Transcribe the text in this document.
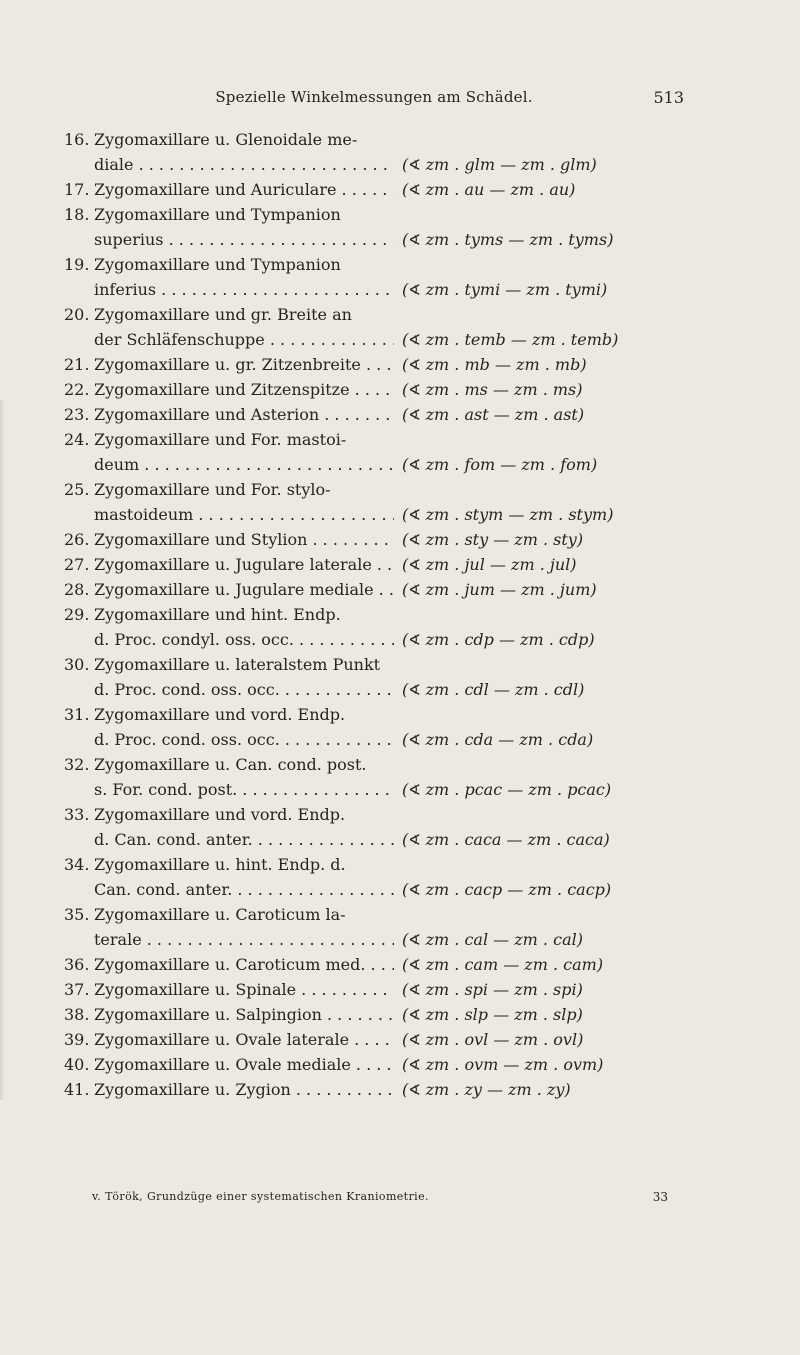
Spezielle Winkelmessungen am Schädel.	513
16. Zygomaxillare u. Glenoidale me-
diale . . .	(∢ zm . glm — zm . glm)
17. Zygomaxillare und Auriculare . . .	(∢ zm . au — zm . au)
18. Zygomaxillare und Tympanion
superius . . .	(∢ zm . tyms — zm . tyms)
19. Zygomaxillare und Tympanion
inferius . . .	(∢ zm . tymi — zm . tymi)
20. Zygomaxillare und gr. Breite an
der Schläfenschuppe . . .	(∢ zm . temb — zm . temb)
21. Zygomaxillare u. gr. Zitzenbreite . . .	(∢ zm . mb — zm . mb)
22. Zygomaxillare und Zitzenspitze . . .	(∢ zm . ms — zm . ms)
23. Zygomaxillare und Asterion . . .	(∢ zm . ast — zm . ast)
24. Zygomaxillare und For. mastoi-
deum . . .	(∢ zm . fom — zm . fom)
25. Zygomaxillare und For. stylo-
mastoideum . . .	(∢ zm . stym — zm . stym)
26. Zygomaxillare und Stylion . . .	(∢ zm . sty — zm . sty)
27. Zygomaxillare u. Jugulare laterale . . .	(∢ zm . jul — zm . jul)
28. Zygomaxillare u. Jugulare mediale . . .	(∢ zm . jum — zm . jum)
29. Zygomaxillare und hint. Endp.
d. Proc. condyl. oss. occ. . . .	(∢ zm . cdp — zm . cdp)
30. Zygomaxillare u. lateralstem Punkt
d. Proc. cond. oss. occ. . . .	(∢ zm . cdl — zm . cdl)
31. Zygomaxillare und vord. Endp.
d. Proc. cond. oss. occ. . . .	(∢ zm . cda — zm . cda)
32. Zygomaxillare u. Can. cond. post.
s. For. cond. post. . . .	(∢ zm . pcac — zm . pcac)
33. Zygomaxillare und vord. Endp.
d. Can. cond. anter. . . .	(∢ zm . caca — zm . caca)
34. Zygomaxillare u. hint. Endp. d.
Can. cond. anter. . . .	(∢ zm . cacp — zm . cacp)
35. Zygomaxillare u. Caroticum la-
terale . . .	(∢ zm . cal — zm . cal)
36. Zygomaxillare u. Caroticum med. . . .	(∢ zm . cam — zm . cam)
37. Zygomaxillare u. Spinale . . .	(∢ zm . spi — zm . spi)
38. Zygomaxillare u. Salpingion . . .	(∢ zm . slp — zm . slp)
39. Zygomaxillare u. Ovale laterale . . .	(∢ zm . ovl — zm . ovl)
40. Zygomaxillare u. Ovale mediale . . .	(∢ zm . ovm — zm . ovm)
41. Zygomaxillare u. Zygion . . .	(∢ zm . zy — zm . zy)
v. Török, Grundzüge einer systematischen Kraniometrie.	33
